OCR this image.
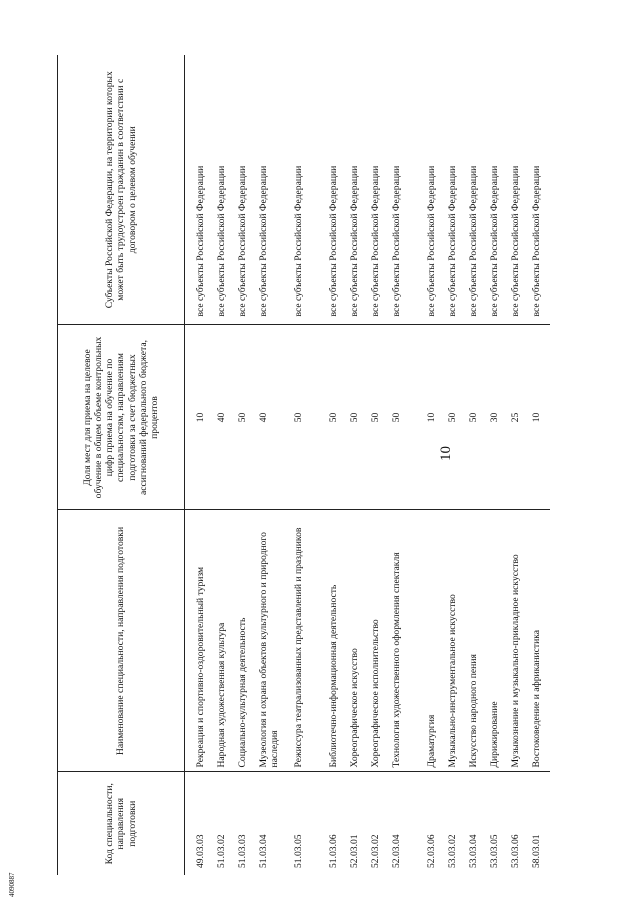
10
4090887
Код специальности, направления подготовки	Наименование специальности, направления подготовки	Доля мест для приема на целевое обучение в общем объеме контрольных цифр приема на обучение по специальностям, направлениям подготовки за счет бюджетных ассигнований федерального бюджета, процентов	Субъекты Российской Федерации, на территории которых может быть трудоустроен гражданин в соответствии с договором о целевом обучении
49.03.03	Рекреация и спортивно-оздоровительный туризм	10	все субъекты Российской Федерации
51.03.02	Народная художественная культура	40	все субъекты Российской Федерации
51.03.03	Социально-культурная деятельность	50	все субъекты Российской Федерации
51.03.04	Музеология и охрана объектов культурного и природного наследия	40	все субъекты Российской Федерации
51.03.05	Режиссура театрализованных представлений и праздников	50	все субъекты Российской Федерации
51.03.06	Библиотечно-информационная деятельность	50	все субъекты Российской Федерации
52.03.01	Хореографическое искусство	50	все субъекты Российской Федерации
52.03.02	Хореографическое исполнительство	50	все субъекты Российской Федерации
52.03.04	Технология художественного оформления спектакля	50	все субъекты Российской Федерации
52.03.06	Драматургия	10	все субъекты Российской Федерации
53.03.02	Музыкально-инструментальное искусство	50	все субъекты Российской Федерации
53.03.04	Искусство народного пения	50	все субъекты Российской Федерации
53.03.05	Дирижирование	30	все субъекты Российской Федерации
53.03.06	Музыкознание и музыкально-прикладное искусство	25	все субъекты Российской Федерации
58.03.01	Востоковедение и африканистика	10	все субъекты Российской Федерации
